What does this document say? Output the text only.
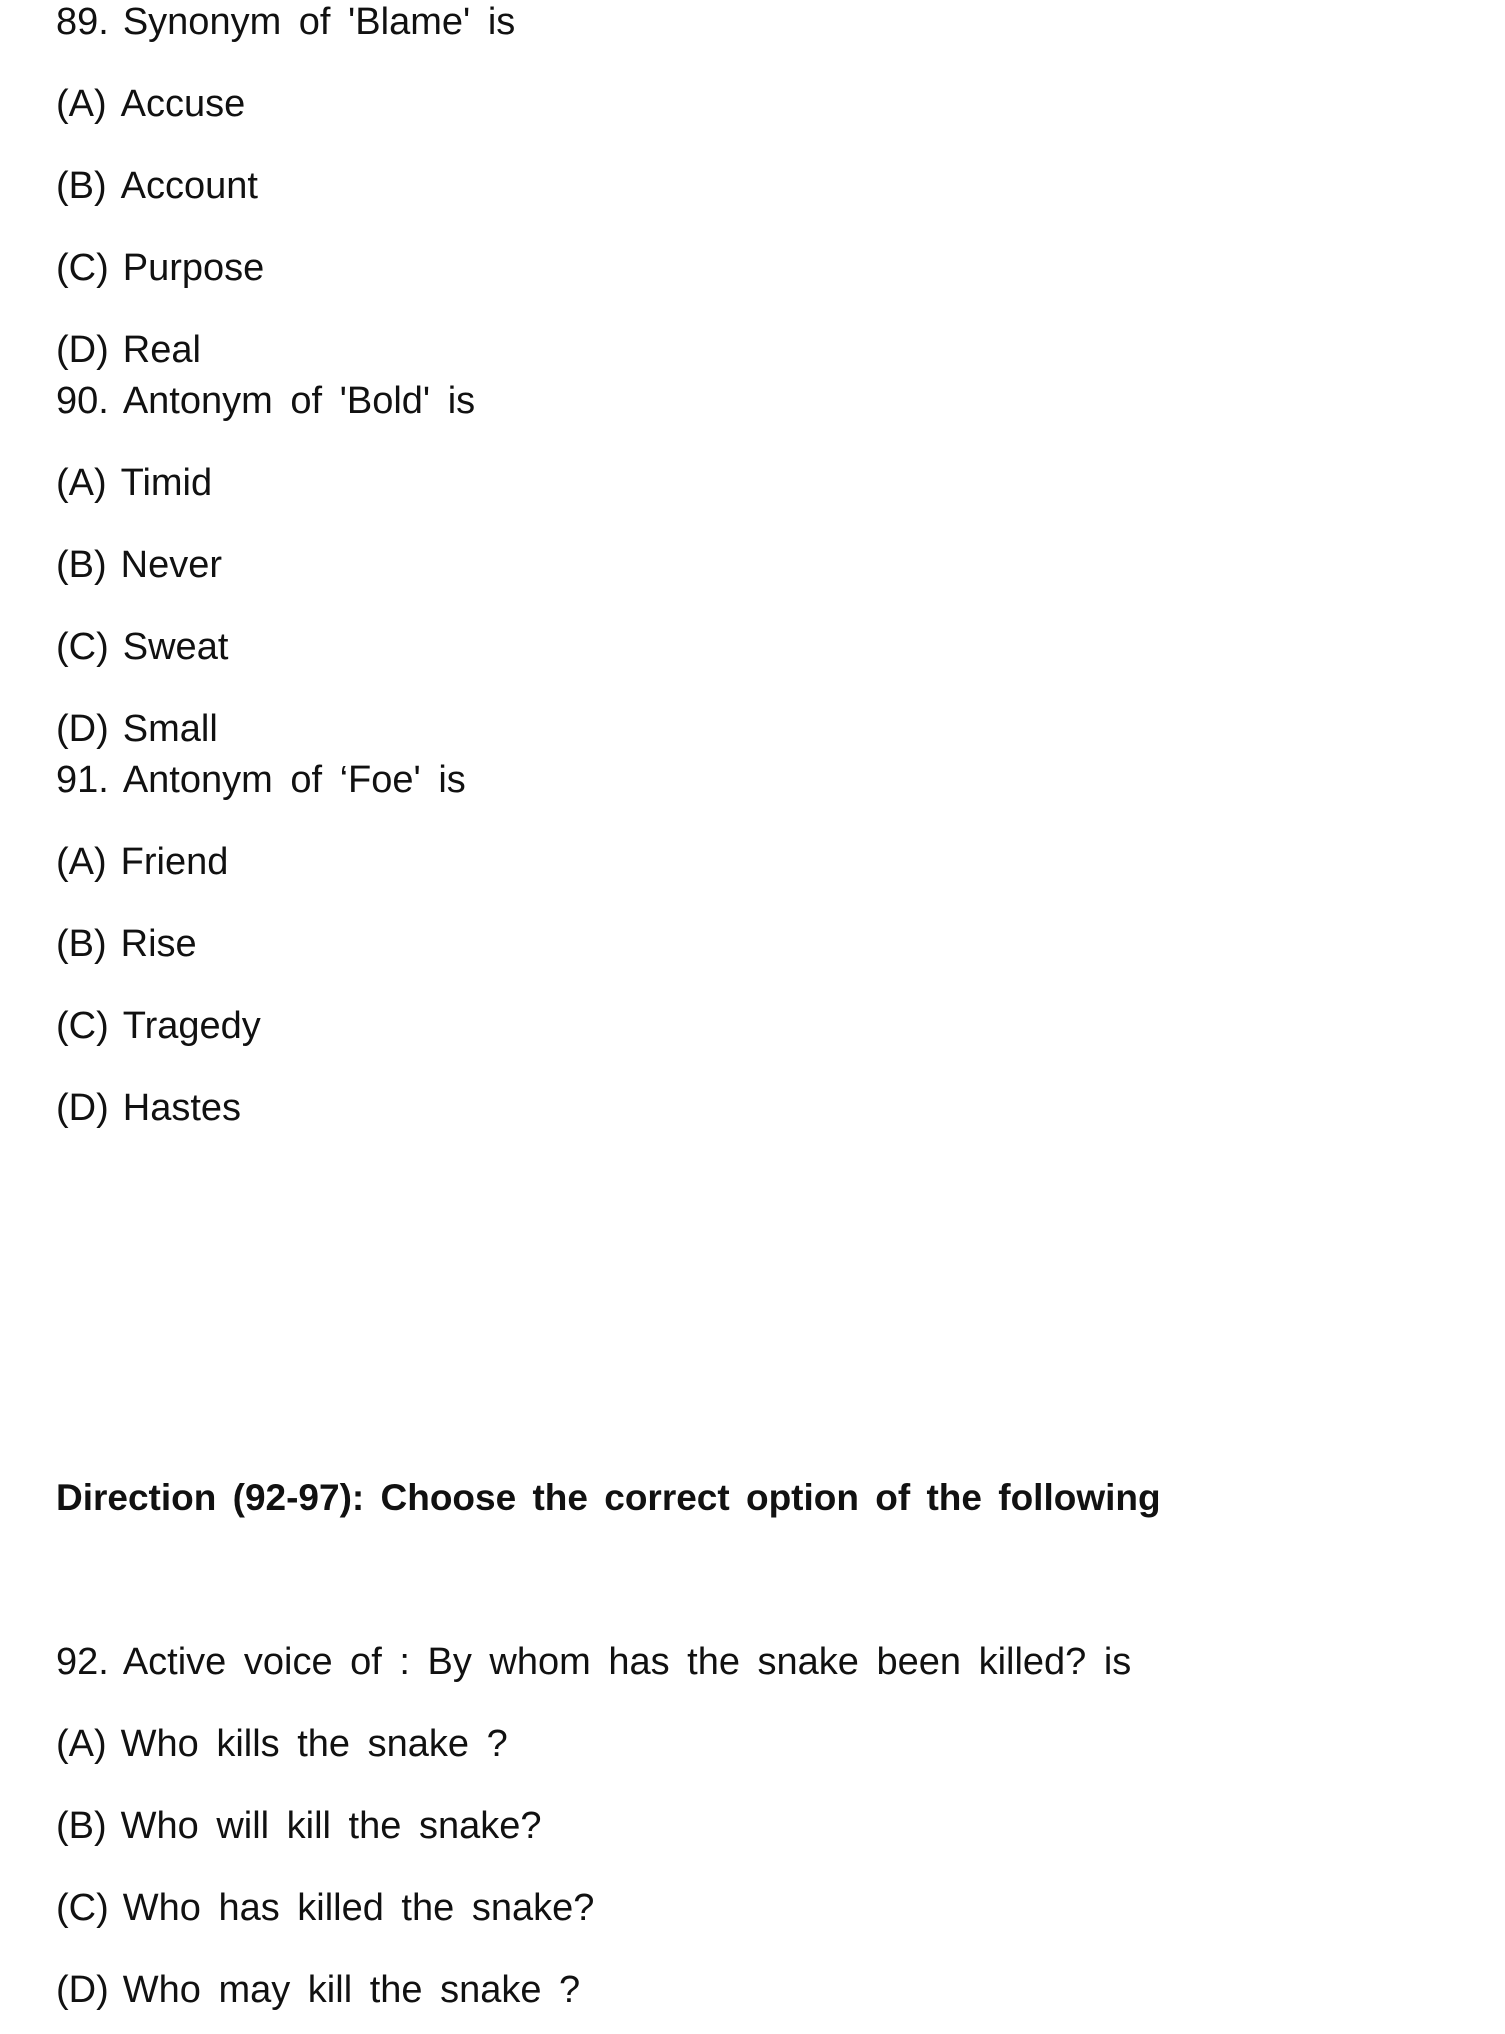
89. Synonym of 'Blame' is
(A) Accuse
(B) Account
(C) Purpose
(D) Real
90. Antonym of 'Bold' is
(A) Timid
(B) Never
(C) Sweat
(D) Small
91. Antonym of ‘Foe' is
(A) Friend
(B) Rise
(C) Tragedy
(D) Hastes
92. Active voice of : By whom has the snake been killed? is
(A) Who kills the snake ?
(B) Who will kill the snake?
(C) Who has killed the snake?
(D) Who may kill the snake ?
Direction (92-97): Choose the correct option of the following
